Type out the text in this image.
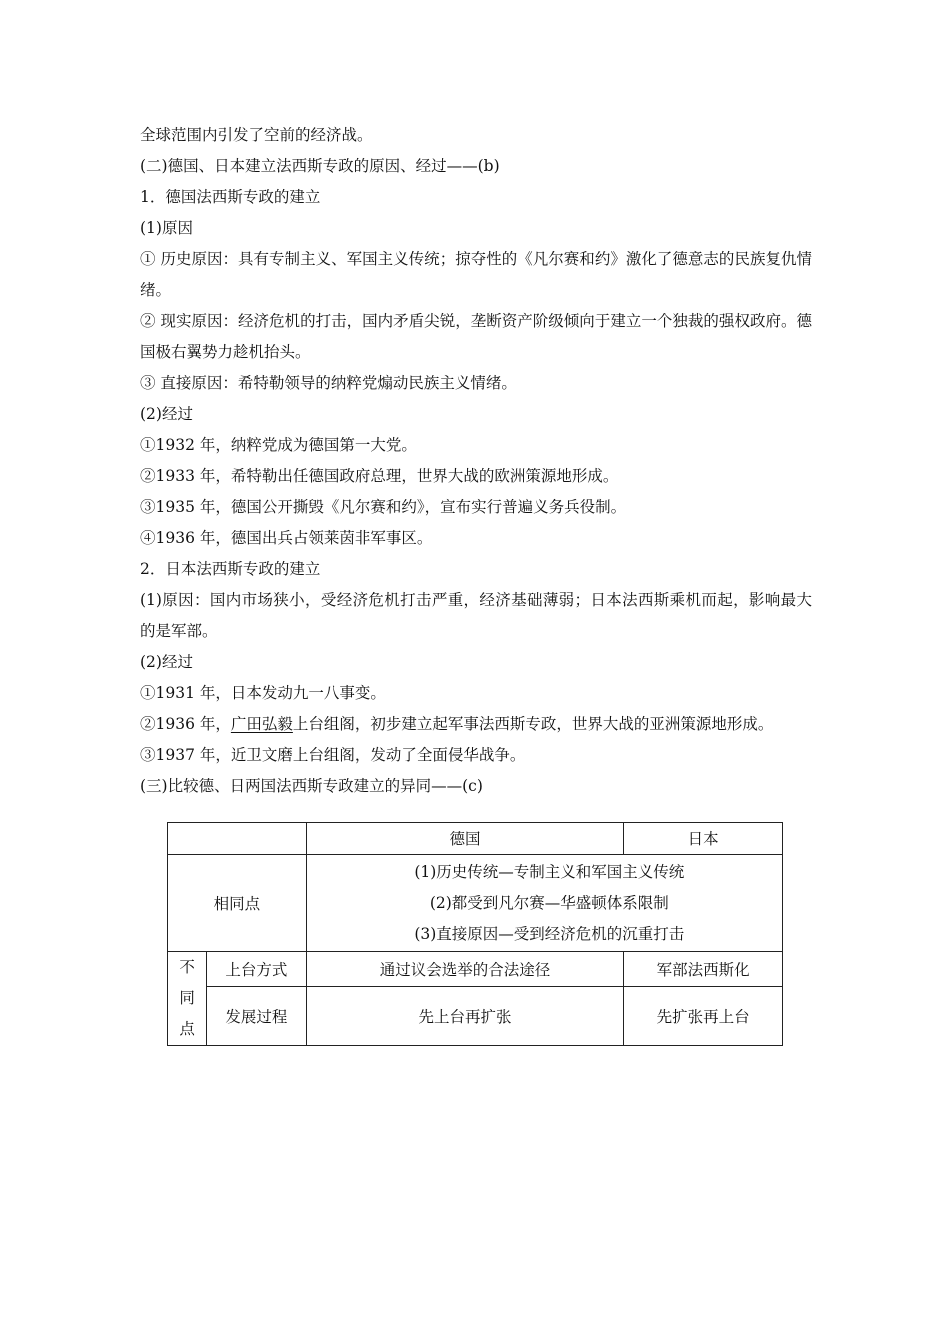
全球范围内引发了空前的经济战。
(二)德国、日本建立法西斯专政的原因、经过——(b)
1．德国法西斯专政的建立
(1)原因
① 历史原因：具有专制主义、军国主义传统；掠夺性的《凡尔赛和约》激化了德意志的民族复仇情绪。
② 现实原因：经济危机的打击，国内矛盾尖锐，垄断资产阶级倾向于建立一个独裁的强权政府。德国极右翼势力趁机抬头。
③ 直接原因：希特勒领导的纳粹党煽动民族主义情绪。
(2)经过
①1932 年，纳粹党成为德国第一大党。
②1933 年，希特勒出任德国政府总理，世界大战的欧洲策源地形成。
③1935 年，德国公开撕毁《凡尔赛和约》，宣布实行普遍义务兵役制。
④1936 年，德国出兵占领莱茵非军事区。
2．日本法西斯专政的建立
(1)原因：国内市场狭小，受经济危机打击严重，经济基础薄弱；日本法西斯乘机而起，影响最大的是军部。
(2)经过
①1931 年，日本发动九一八事变。
②1936 年，广田弘毅上台组阁，初步建立起军事法西斯专政，世界大战的亚洲策源地形成。
③1937 年，近卫文磨上台组阁，发动了全面侵华战争。
(三)比较德、日两国法西斯专政建立的异同——(c)
		德国	日本
相同点		(1)历史传统—专制主义和军国主义传统
(2)都受到凡尔赛—华盛顿体系限制
(3)直接原因—受到经济危机的沉重打击	

不
同
点	上台方式	通过议会选举的合法途径	军部法西斯化
	发展过程	先上台再扩张	先扩张再上台
